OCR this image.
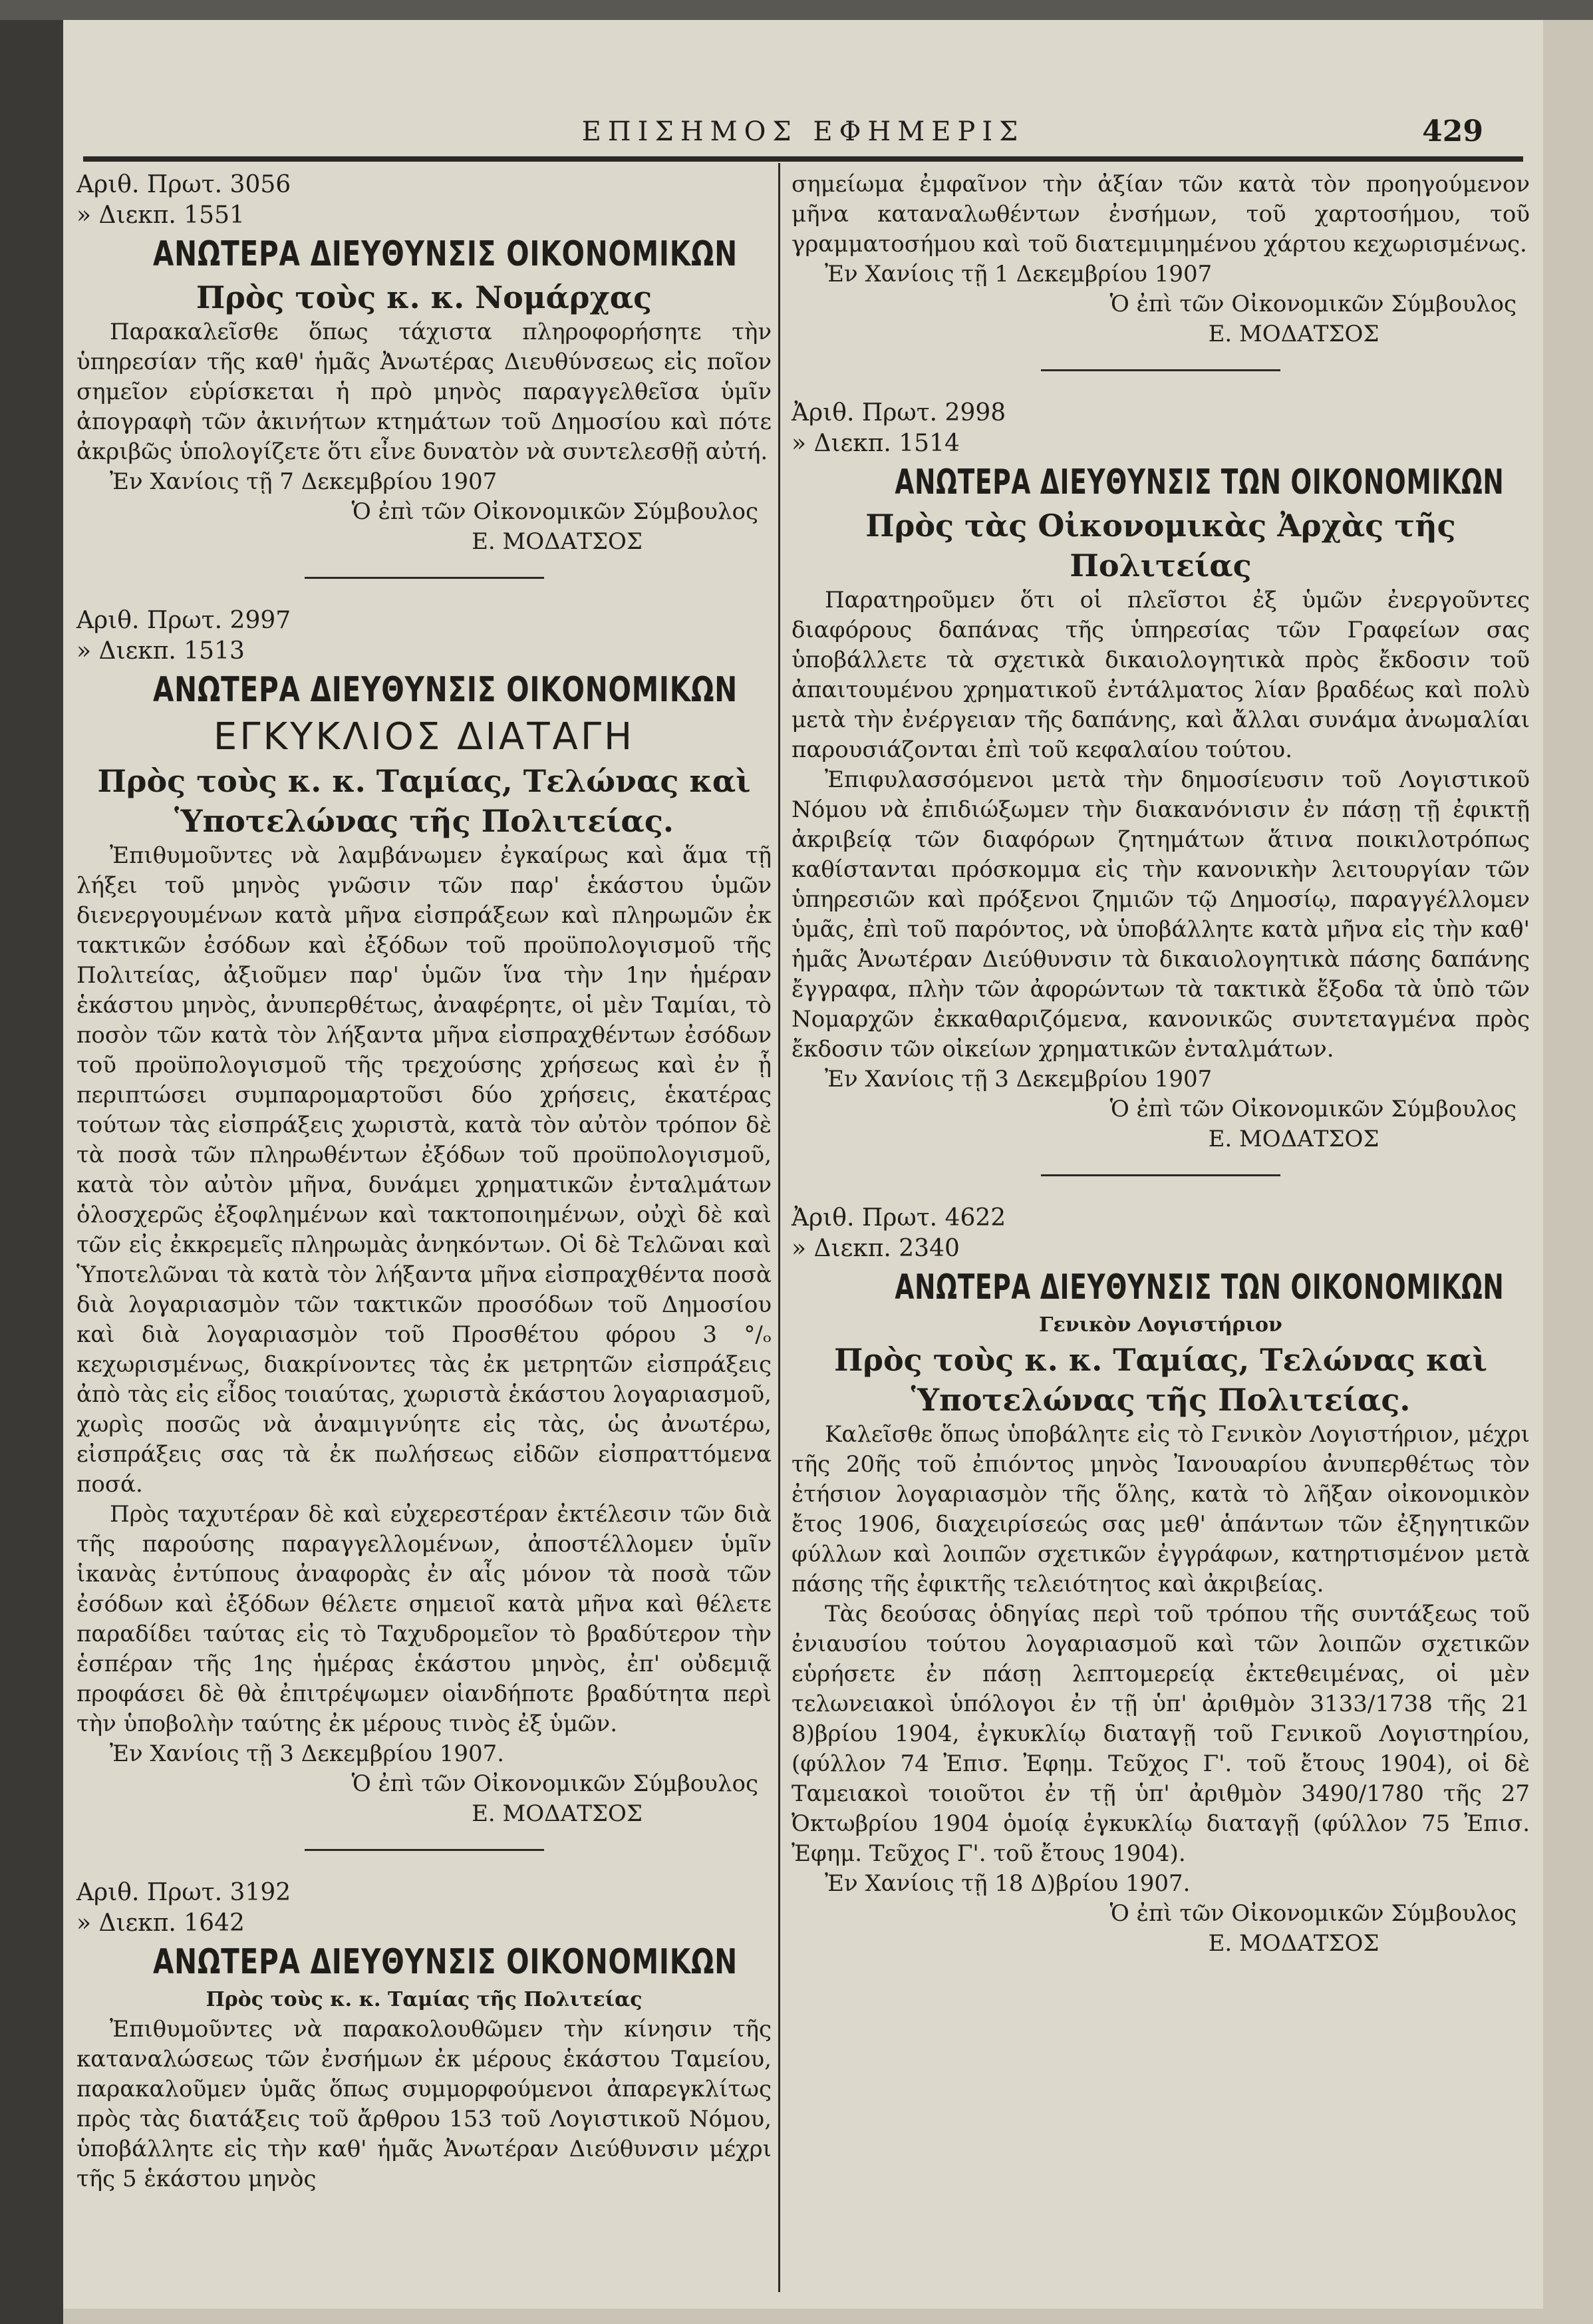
ΕΠΙΣΗΜΟΣ ΕΦΗΜΕΡΙΣ	429
Αριθ. Πρωτ. 3056
» Διεκπ. 1551
ΑΝΩΤΕΡΑ ΔΙΕΥΘΥΝΣΙΣ ΟΙΚΟΝΟΜΙΚΩΝ
Πρὸς τοὺς κ. κ. Νομάρχας

Παρακαλεῖσθε ὅπως τάχιστα πληροφορήσητε τὴν ὑπηρεσίαν τῆς καθ' ἡμᾶς Ἀνωτέρας Διευθύνσεως εἰς ποῖον σημεῖον εὑρίσκεται ἡ πρὸ μηνὸς παραγγελθεῖσα ὑμῖν ἀπογραφὴ τῶν ἀκινήτων κτημάτων τοῦ Δημοσίου καὶ πότε ἀκριβῶς ὑπολογίζετε ὅτι εἶνε δυνατὸν νὰ συντελεσθῇ αὐτή.

Ἐν Χανίοις τῇ 7 Δεκεμβρίου 1907
Ὁ ἐπὶ τῶν Οἰκονομικῶν Σύμβουλος
Ε. ΜΟΔΑΤΣΟΣ
Αριθ. Πρωτ. 2997
» Διεκπ. 1513
ΑΝΩΤΕΡΑ ΔΙΕΥΘΥΝΣΙΣ ΟΙΚΟΝΟΜΙΚΩΝ
ΕΓΚΥΚΛΙΟΣ ΔΙΑΤΑΓΗ
Πρὸς τοὺς κ. κ. Ταμίας, Τελώνας καὶ
Ὑποτελώνας τῆς Πολιτείας.

Ἐπιθυμοῦντες νὰ λαμβάνωμεν ἐγκαίρως καὶ ἅμα τῇ λήξει τοῦ μηνὸς γνῶσιν τῶν παρ' ἑκάστου ὑμῶν διενεργουμένων κατὰ μῆνα εἰσπράξεων καὶ πληρωμῶν ἐκ τακτικῶν ἐσόδων καὶ ἐξόδων τοῦ προϋπολογισμοῦ τῆς Πολιτείας, ἀξιοῦμεν παρ' ὑμῶν ἵνα τὴν 1ην ἡμέραν ἑκάστου μηνὸς, ἀνυπερθέτως, ἀναφέρητε, οἱ μὲν Ταμίαι, τὸ ποσὸν τῶν κατὰ τὸν λήξαντα μῆνα εἰσπραχθέντων ἐσόδων τοῦ προϋπολογισμοῦ τῆς τρεχούσης χρήσεως καὶ ἐν ᾗ περιπτώσει συμπαρομαρτοῦσι δύο χρήσεις, ἑκατέρας τούτων τὰς εἰσπράξεις χωριστὰ, κατὰ τὸν αὐτὸν τρόπον δὲ τὰ ποσὰ τῶν πληρωθέντων ἐξόδων τοῦ προϋπολογισμοῦ, κατὰ τὸν αὐτὸν μῆνα, δυνάμει χρηματικῶν ἐνταλμάτων ὁλοσχερῶς ἐξοφλημένων καὶ τακτοποιημένων, οὐχὶ δὲ καὶ τῶν εἰς ἐκκρεμεῖς πληρωμὰς ἀνηκόντων. Οἱ δὲ Τελῶναι καὶ Ὑποτελῶναι τὰ κατὰ τὸν λήξαντα μῆνα εἰσπραχθέντα ποσὰ διὰ λογαριασμὸν τῶν τακτικῶν προσόδων τοῦ Δημοσίου καὶ διὰ λογαριασμὸν τοῦ Προσθέτου φόρου 3 °/ₒ κεχωρισμένως, διακρίνοντες τὰς ἐκ μετρητῶν εἰσπράξεις ἀπὸ τὰς εἰς εἶδος τοιαύτας, χωριστὰ ἑκάστου λογαριασμοῦ, χωρὶς ποσῶς νὰ ἀναμιγνύητε εἰς τὰς, ὡς ἀνωτέρω, εἰσπράξεις σας τὰ ἐκ πωλήσεως εἰδῶν εἰσπραττόμενα ποσά.

Πρὸς ταχυτέραν δὲ καὶ εὐχερεστέραν ἐκτέλεσιν τῶν διὰ τῆς παρούσης παραγγελλομένων, ἀποστέλλομεν ὑμῖν ἱκανὰς ἐντύπους ἀναφορὰς ἐν αἷς μόνον τὰ ποσὰ τῶν ἐσόδων καὶ ἐξόδων θέλετε σημειοῖ κατὰ μῆνα καὶ θέλετε παραδίδει ταύτας εἰς τὸ Ταχυδρομεῖον τὸ βραδύτερον τὴν ἑσπέραν τῆς 1ης ἡμέρας ἑκάστου μηνὸς, ἐπ' οὐδεμιᾷ προφάσει δὲ θὰ ἐπιτρέψωμεν οἱανδήποτε βραδύτητα περὶ τὴν ὑποβολὴν ταύτης ἐκ μέρους τινὸς ἐξ ὑμῶν.

Ἐν Χανίοις τῇ 3 Δεκεμβρίου 1907.
Ὁ ἐπὶ τῶν Οἰκονομικῶν Σύμβουλος
Ε. ΜΟΔΑΤΣΟΣ
Αριθ. Πρωτ. 3192
» Διεκπ. 1642
ΑΝΩΤΕΡΑ ΔΙΕΥΘΥΝΣΙΣ ΟΙΚΟΝΟΜΙΚΩΝ
Πρὸς τοὺς κ. κ. Ταμίας τῆς Πολιτείας

Ἐπιθυμοῦντες νὰ παρακολουθῶμεν τὴν κίνησιν τῆς καταναλώσεως τῶν ἐνσήμων ἐκ μέρους ἑκάστου Ταμείου, παρακαλοῦμεν ὑμᾶς ὅπως συμμορφούμενοι ἀπαρεγκλίτως πρὸς τὰς διατάξεις τοῦ ἄρθρου 153 τοῦ Λογιστικοῦ Νόμου, ὑποβάλλητε εἰς τὴν καθ' ἡμᾶς Ἀνωτέραν Διεύθυνσιν μέχρι τῆς 5 ἑκάστου μηνὸς

σημείωμα ἐμφαῖνον τὴν ἀξίαν τῶν κατὰ τὸν προηγούμενον μῆνα καταναλωθέντων ἐνσήμων, τοῦ χαρτοσήμου, τοῦ γραμματοσήμου καὶ τοῦ διατεμιμημένου χάρτου κεχωρισμένως.

Ἐν Χανίοις τῇ 1 Δεκεμβρίου 1907
Ὁ ἐπὶ τῶν Οἰκονομικῶν Σύμβουλος
Ε. ΜΟΔΑΤΣΟΣ
Ἀριθ. Πρωτ. 2998
» Διεκπ. 1514
ΑΝΩΤΕΡΑ ΔΙΕΥΘΥΝΣΙΣ ΤΩΝ ΟΙΚΟΝΟΜΙΚΩΝ
Πρὸς τὰς Οἰκονομικὰς Ἀρχὰς τῆς Πολιτείας

Παρατηροῦμεν ὅτι οἱ πλεῖστοι ἐξ ὑμῶν ἐνεργοῦντες διαφόρους δαπάνας τῆς ὑπηρεσίας τῶν Γραφείων σας ὑποβάλλετε τὰ σχετικὰ δικαιολογητικὰ πρὸς ἔκδοσιν τοῦ ἀπαιτουμένου χρηματικοῦ ἐντάλματος λίαν βραδέως καὶ πολὺ μετὰ τὴν ἐνέργειαν τῆς δαπάνης, καὶ ἄλλαι συνάμα ἀνωμαλίαι παρουσιάζονται ἐπὶ τοῦ κεφαλαίου τούτου.

Ἐπιφυλασσόμενοι μετὰ τὴν δημοσίευσιν τοῦ Λογιστικοῦ Νόμου νὰ ἐπιδιώξωμεν τὴν διακανόνισιν ἐν πάσῃ τῇ ἐφικτῇ ἀκριβείᾳ τῶν διαφόρων ζητημάτων ἅτινα ποικιλοτρόπως καθίστανται πρόσκομμα εἰς τὴν κανονικὴν λειτουργίαν τῶν ὑπηρεσιῶν καὶ πρόξενοι ζημιῶν τῷ Δημοσίῳ, παραγγέλλομεν ὑμᾶς, ἐπὶ τοῦ παρόντος, νὰ ὑποβάλλητε κατὰ μῆνα εἰς τὴν καθ' ἡμᾶς Ἀνωτέραν Διεύθυνσιν τὰ δικαιολογητικὰ πάσης δαπάνης ἔγγραφα, πλὴν τῶν ἀφορώντων τὰ τακτικὰ ἔξοδα τὰ ὑπὸ τῶν Νομαρχῶν ἐκκαθαριζόμενα, κανονικῶς συντεταγμένα πρὸς ἔκδοσιν τῶν οἰκείων χρηματικῶν ἐνταλμάτων.

Ἐν Χανίοις τῇ 3 Δεκεμβρίου 1907
Ὁ ἐπὶ τῶν Οἰκονομικῶν Σύμβουλος
Ε. ΜΟΔΑΤΣΟΣ
Ἀριθ. Πρωτ. 4622
» Διεκπ. 2340
ΑΝΩΤΕΡΑ ΔΙΕΥΘΥΝΣΙΣ ΤΩΝ ΟΙΚΟΝΟΜΙΚΩΝ
Γενικὸν Λογιστήριον
Πρὸς τοὺς κ. κ. Ταμίας, Τελώνας καὶ
Ὑποτελώνας τῆς Πολιτείας.

Καλεῖσθε ὅπως ὑποβάλητε εἰς τὸ Γενικὸν Λογιστήριον, μέχρι τῆς 20ῆς τοῦ ἐπιόντος μηνὸς Ἰανουαρίου ἀνυπερθέτως τὸν ἐτήσιον λογαριασμὸν τῆς ὅλης, κατὰ τὸ λῆξαν οἰκονομικὸν ἔτος 1906, διαχειρίσεώς σας μεθ' ἁπάντων τῶν ἐξηγητικῶν φύλλων καὶ λοιπῶν σχετικῶν ἐγγράφων, κατηρτισμένον μετὰ πάσης τῆς ἐφικτῆς τελειότητος καὶ ἀκριβείας.

Τὰς δεούσας ὁδηγίας περὶ τοῦ τρόπου τῆς συντάξεως τοῦ ἐνιαυσίου τούτου λογαριασμοῦ καὶ τῶν λοιπῶν σχετικῶν εὑρήσετε ἐν πάσῃ λεπτομερείᾳ ἐκτεθειμένας, οἱ μὲν τελωνειακοὶ ὑπόλογοι ἐν τῇ ὑπ' ἀριθμὸν 3133/1738 τῆς 21 8)βρίου 1904, ἐγκυκλίῳ διαταγῇ τοῦ Γενικοῦ Λογιστηρίου, (φύλλον 74 Ἐπισ. Ἐφημ. Τεῦχος Γ'. τοῦ ἔτους 1904), οἱ δὲ Ταμειακοὶ τοιοῦτοι ἐν τῇ ὑπ' ἀριθμὸν 3490/1780 τῆς 27 Ὀκτωβρίου 1904 ὁμοίᾳ ἐγκυκλίῳ διαταγῇ (φύλλον 75 Ἐπισ. Ἐφημ. Τεῦχος Γ'. τοῦ ἔτους 1904).

Ἐν Χανίοις τῇ 18 Δ)βρίου 1907.
Ὁ ἐπὶ τῶν Οἰκονομικῶν Σύμβουλος
Ε. ΜΟΔΑΤΣΟΣ
